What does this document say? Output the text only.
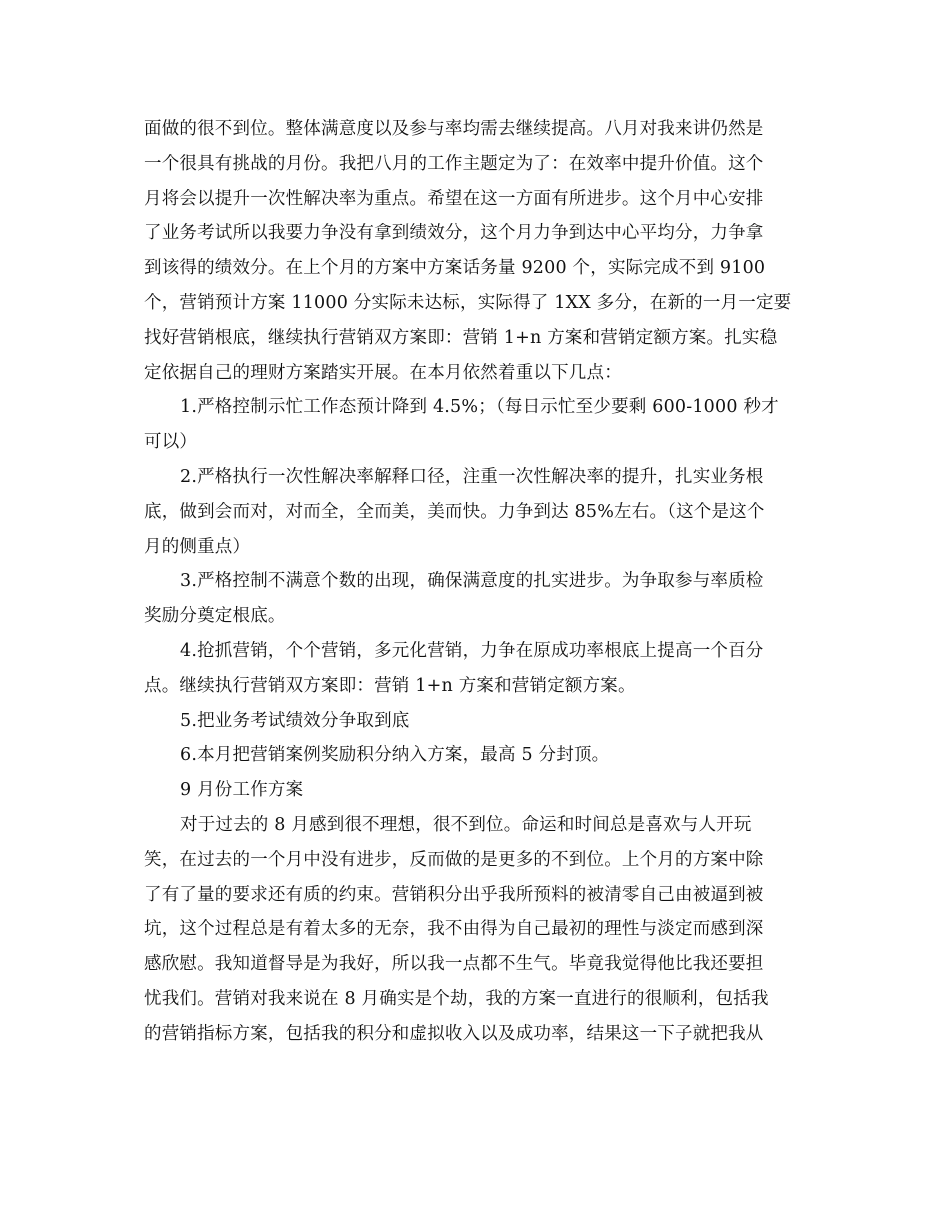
面做的很不到位。整体满意度以及参与率均需去继续提高。八月对我来讲仍然是
一个很具有挑战的月份。我把八月的工作主题定为了：在效率中提升价值。这个
月将会以提升一次性解决率为重点。希望在这一方面有所进步。这个月中心安排
了业务考试所以我要力争没有拿到绩效分，这个月力争到达中心平均分，力争拿
到该得的绩效分。在上个月的方案中方案话务量 9200 个，实际完成不到 9100
个，营销预计方案 11000 分实际未达标，实际得了 1XX 多分，在新的一月一定要
找好营销根底，继续执行营销双方案即：营销 1+n 方案和营销定额方案。扎实稳
定依据自己的理财方案踏实开展。在本月依然着重以下几点：
1.严格控制示忙工作态预计降到 4.5%；（每日示忙至少要剩 600-1000 秒才
可以）
2.严格执行一次性解决率解释口径，注重一次性解决率的提升，扎实业务根
底，做到会而对，对而全，全而美，美而快。力争到达 85%左右。（这个是这个
月的侧重点）
3.严格控制不满意个数的出现，确保满意度的扎实进步。为争取参与率质检
奖励分奠定根底。
4.抢抓营销，个个营销，多元化营销，力争在原成功率根底上提高一个百分
点。继续执行营销双方案即：营销 1+n 方案和营销定额方案。
5.把业务考试绩效分争取到底
6.本月把营销案例奖励积分纳入方案，最高 5 分封顶。
9 月份工作方案
对于过去的 8 月感到很不理想，很不到位。命运和时间总是喜欢与人开玩
笑，在过去的一个月中没有进步，反而做的是更多的不到位。上个月的方案中除
了有了量的要求还有质的约束。营销积分出乎我所预料的被清零自己由被逼到被
坑，这个过程总是有着太多的无奈，我不由得为自己最初的理性与淡定而感到深
感欣慰。我知道督导是为我好，所以我一点都不生气。毕竟我觉得他比我还要担
忧我们。营销对我来说在 8 月确实是个劫，我的方案一直进行的很顺利，包括我
的营销指标方案，包括我的积分和虚拟收入以及成功率，结果这一下子就把我从
